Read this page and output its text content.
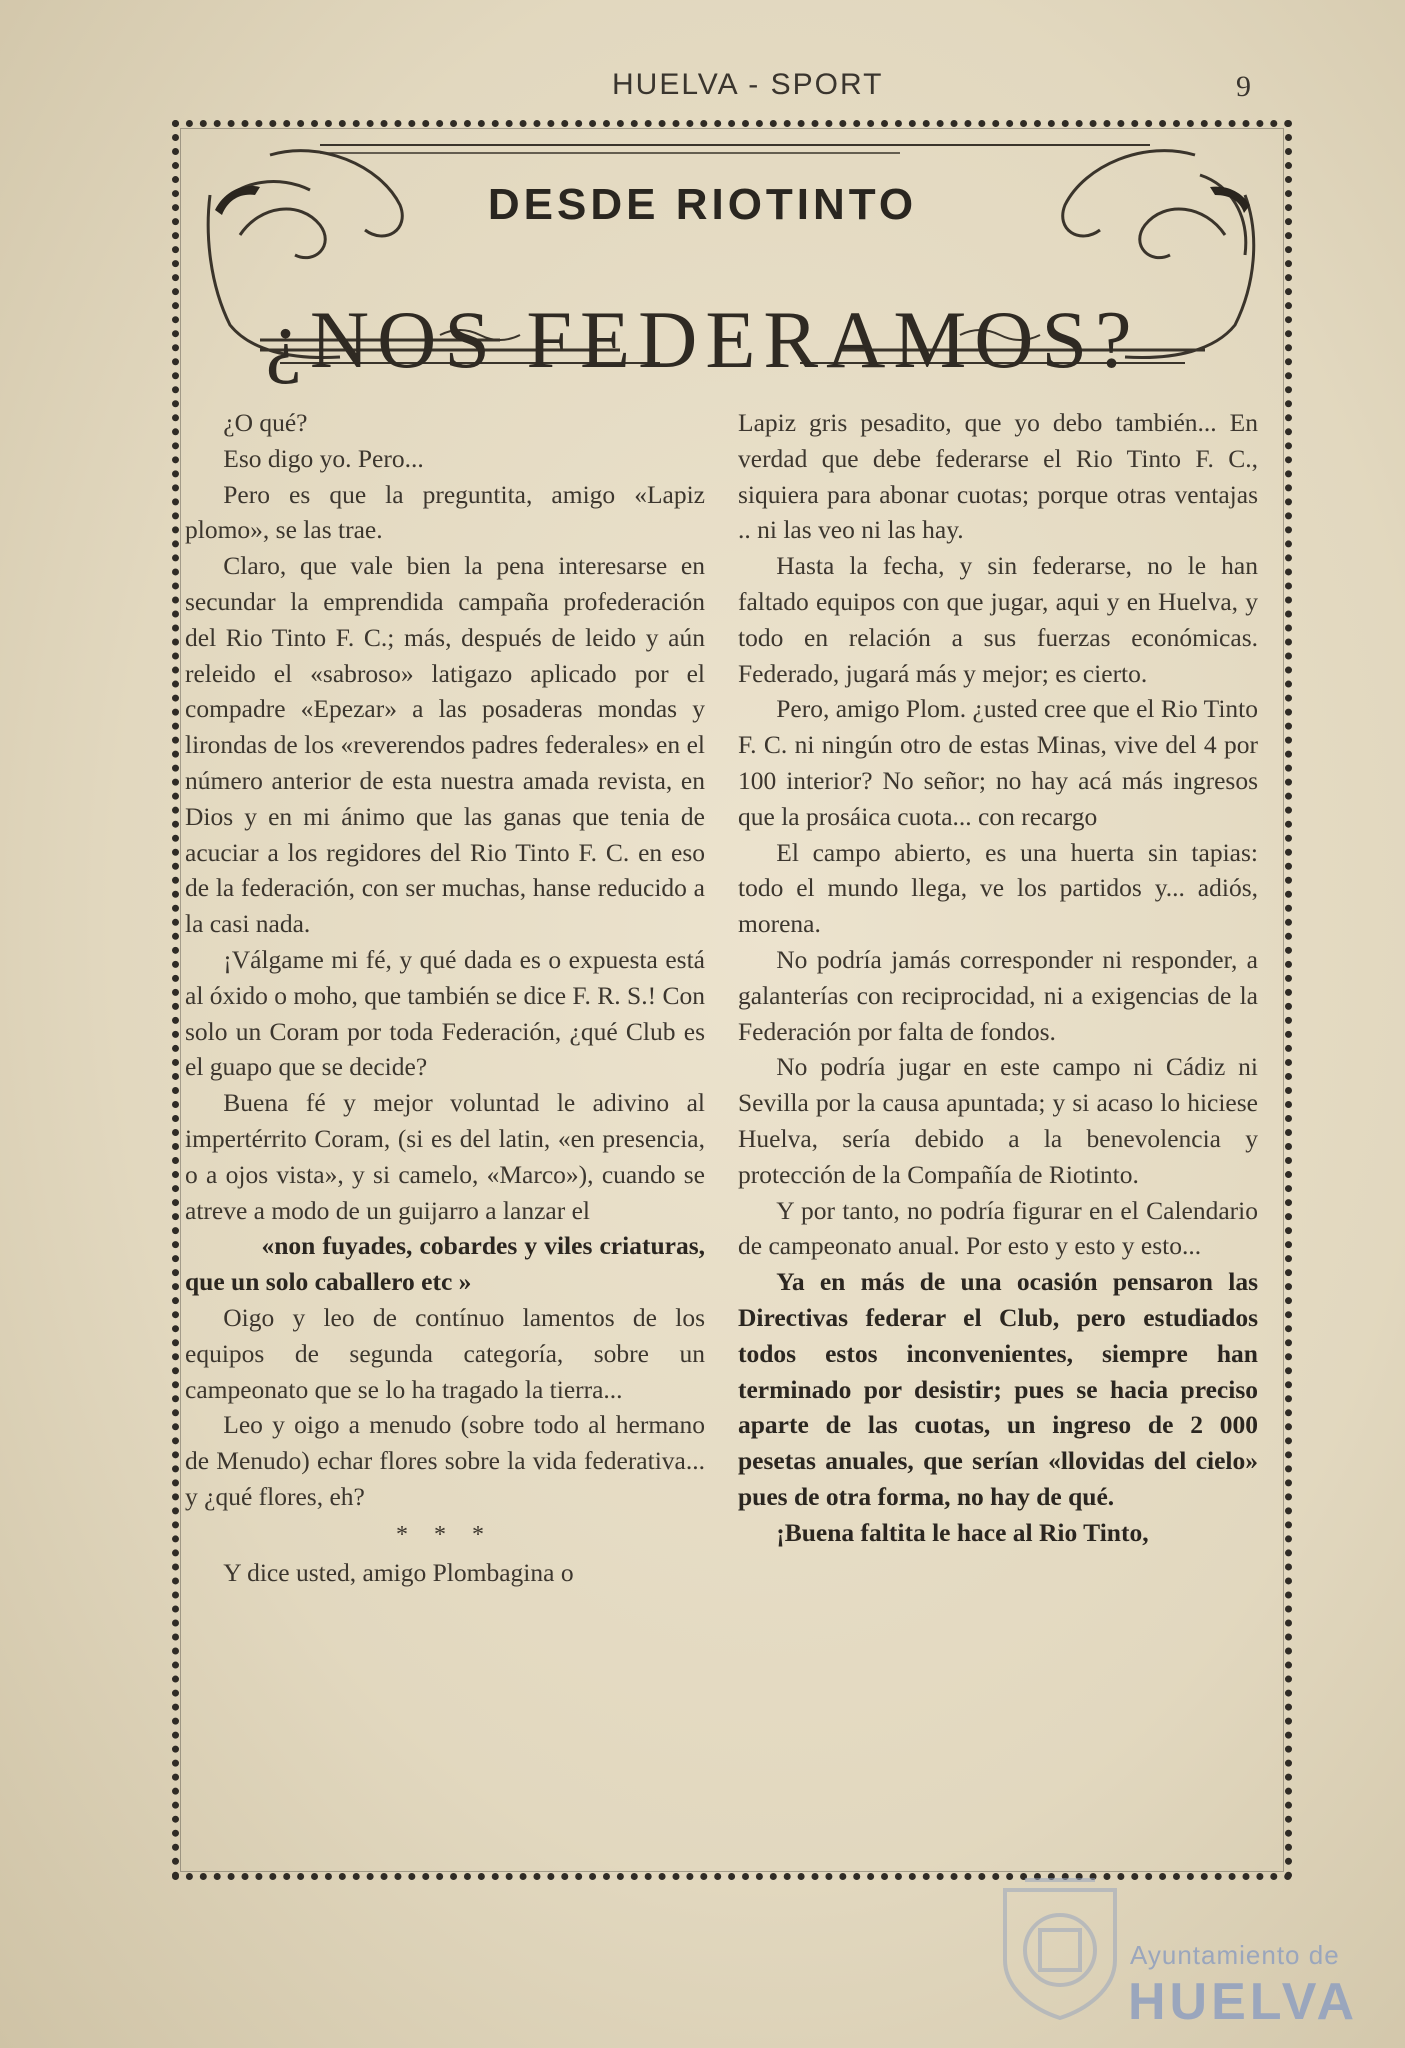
HUELVA - SPORT	9
DESDE RIOTINTO
¿NOS FEDERAMOS?

¿O qué?

Eso digo yo. Pero...

Pero es que la preguntita, amigo «Lapiz plomo», se las trae.

Claro, que vale bien la pena interesarse en secundar la emprendida campaña profederación del Rio Tinto F. C.; más, después de leido y aún releido el «sabroso» latigazo aplicado por el compadre «Epezar» a las posaderas mondas y lirondas de los «reverendos padres federales» en el número anterior de esta nuestra amada revista, en Dios y en mi ánimo que las ganas que tenia de acuciar a los regidores del Rio Tinto F. C. en eso de la federación, con ser muchas, hanse reducido a la casi nada.

¡Válgame mi fé, y qué dada es o expuesta está al óxido o moho, que también se dice F. R. S.! Con solo un Coram por toda Federación, ¿qué Club es el guapo que se decide?

Buena fé y mejor voluntad le adivino al impertérrito Coram, (si es del latin, «en presencia, o a ojos vista», y si camelo, «Marco»), cuando se atreve a modo de un guijarro a lanzar el

«non fuyades, cobardes y viles criaturas, que un solo caballero etc »

Oigo y leo de contínuo lamentos de los equipos de segunda categoría, sobre un campeonato que se lo ha tragado la tierra...

Leo y oigo a menudo (sobre todo al hermano de Menudo) echar flores sobre la vida federativa... y ¿qué flores, eh?

* * *

Y dice usted, amigo Plombagina o

Lapiz gris pesadito, que yo debo también... En verdad que debe federarse el Rio Tinto F. C., siquiera para abonar cuotas; porque otras ventajas .. ni las veo ni las hay.

Hasta la fecha, y sin federarse, no le han faltado equipos con que jugar, aqui y en Huelva, y todo en relación a sus fuerzas económicas. Federado, jugará más y mejor; es cierto.

Pero, amigo Plom. ¿usted cree que el Rio Tinto F. C. ni ningún otro de estas Minas, vive del 4 por 100 interior? No señor; no hay acá más ingresos que la prosáica cuota... con recargo

El campo abierto, es una huerta sin tapias: todo el mundo llega, ve los partidos y... adiós, morena.

No podría jamás corresponder ni responder, a galanterías con reciprocidad, ni a exigencias de la Federación por falta de fondos.

No podría jugar en este campo ni Cádiz ni Sevilla por la causa apuntada; y si acaso lo hiciese Huelva, sería debido a la benevolencia y protección de la Compañía de Riotinto.

Y por tanto, no podría figurar en el Calendario de campeonato anual. Por esto y esto y esto...

Ya en más de una ocasión pensaron las Directivas federar el Club, pero estudiados todos estos inconvenientes, siempre han terminado por desistir; pues se hacia preciso aparte de las cuotas, un ingreso de 2 000 pesetas anuales, que serían «llovidas del cielo» pues de otra forma, no hay de qué.

¡Buena faltita le hace al Rio Tinto,

Ayuntamiento de
HUELVA
